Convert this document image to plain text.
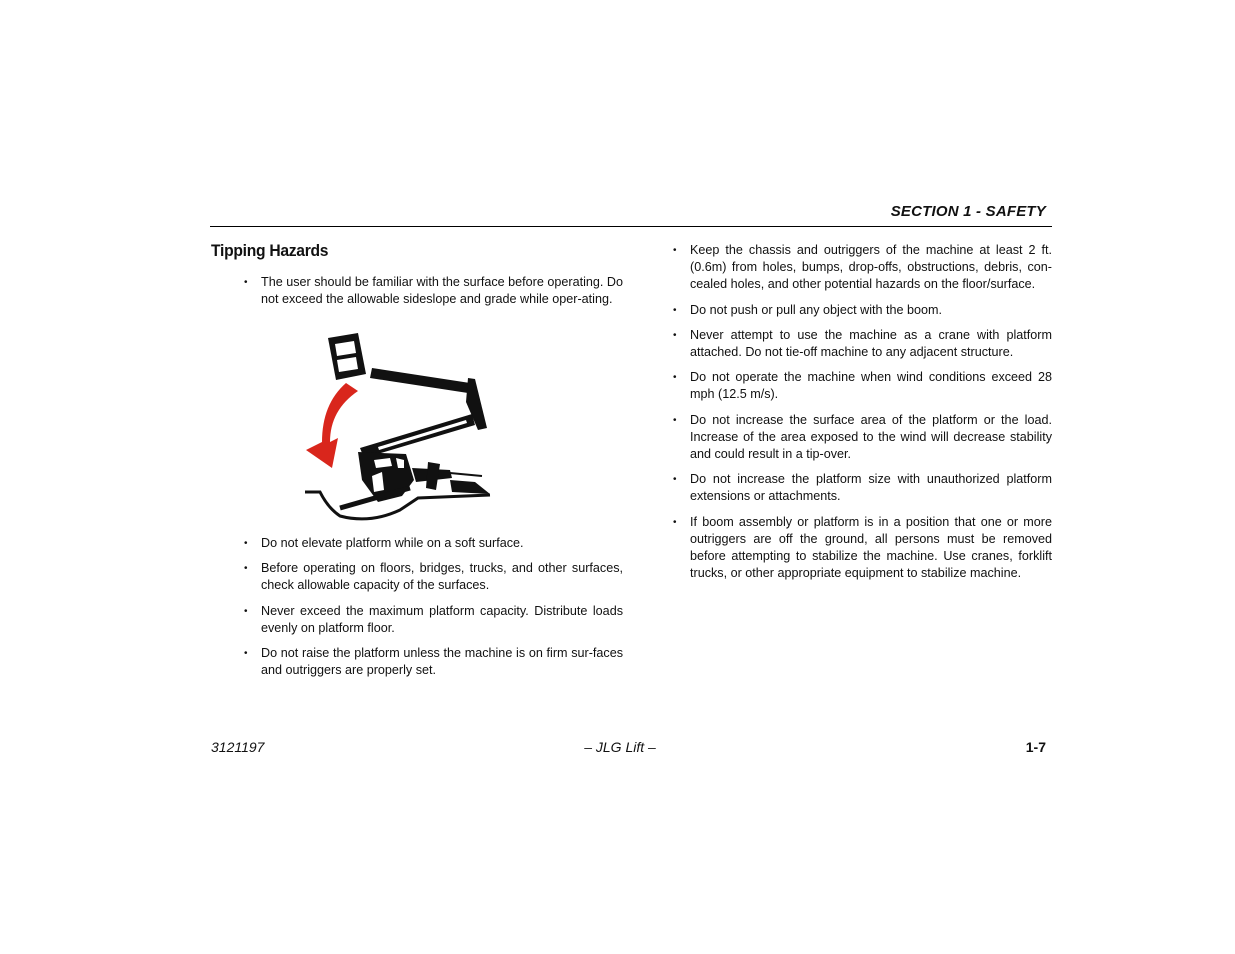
SECTION 1 - SAFETY
Tipping Hazards
• The user should be familiar with the surface before operating. Do not exceed the allowable sideslope and grade while oper-ating.
• Do not elevate platform while on a soft surface.
• Before operating on floors, bridges, trucks, and other surfaces, check allowable capacity of the surfaces.
• Never exceed the maximum platform capacity. Distribute loads evenly on platform floor.
• Do not raise the platform unless the machine is on firm sur-faces and outriggers are properly set.
• Keep the chassis and outriggers of the machine at least 2 ft. (0.6m) from holes, bumps, drop-offs, obstructions, debris, con-cealed holes, and other potential hazards on the floor/surface.
• Do not push or pull any object with the boom.
• Never attempt to use the machine as a crane with platform attached. Do not tie-off machine to any adjacent structure.
• Do not operate the machine when wind conditions exceed 28 mph (12.5 m/s).
• Do not increase the surface area of the platform or the load. Increase of the area exposed to the wind will decrease stability and could result in a tip-over.
• Do not increase the platform size with unauthorized platform extensions or attachments.
• If boom assembly or platform is in a position that one or more outriggers are off the ground, all persons must be removed before attempting to stabilize the machine. Use cranes, forklift trucks, or other appropriate equipment to stabilize machine.
3121197	– JLG Lift –	1-7
